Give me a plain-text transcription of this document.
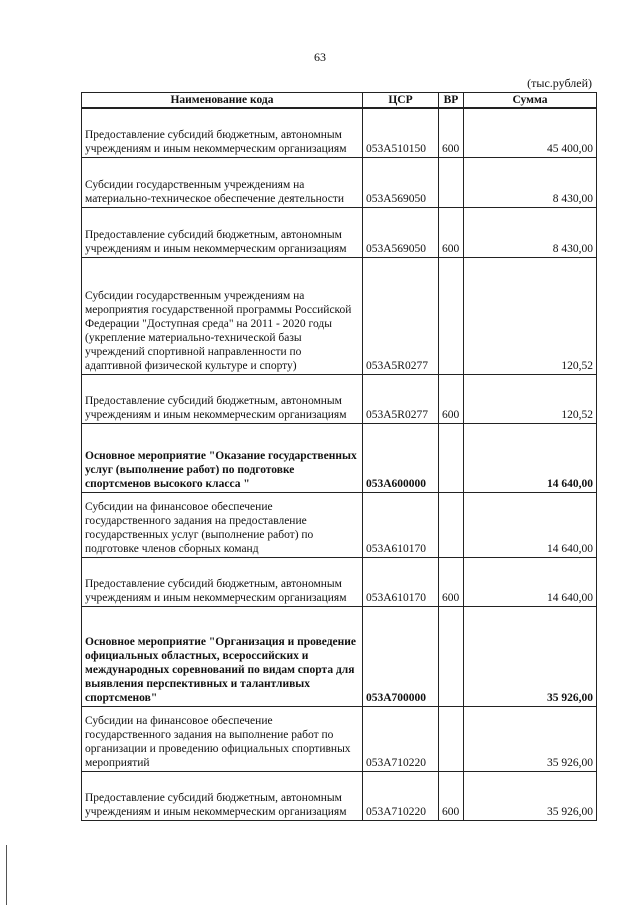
63
(тыс.рублей)
Наименование кода	ЦСР	ВР	Сумма
Предоставление субсидий бюджетным, автономным учреждениям и иным некоммерческим организациям	053А510150	600	45 400,00
Субсидии государственным учреждениям на материально-техническое обеспечение деятельности	053А569050		8 430,00
Предоставление субсидий бюджетным, автономным учреждениям и иным некоммерческим организациям	053А569050	600	8 430,00
Субсидии государственным учреждениям на мероприятия государственной программы Российской Федерации "Доступная среда" на 2011 - 2020 годы (укрепление материально-технической базы учреждений спортивной направленности по адаптивной физической культуре и спорту)	053А5R0277		120,52
Предоставление субсидий бюджетным, автономным учреждениям и иным некоммерческим организациям	053А5R0277	600	120,52
Основное мероприятие "Оказание государственных услуг (выполнение работ) по подготовке спортсменов высокого класса "	053А600000		14 640,00
Субсидии на финансовое обеспечение государственного задания на предоставление государственных услуг (выполнение работ) по подготовке членов сборных команд	053А610170		14 640,00
Предоставление субсидий бюджетным, автономным учреждениям и иным некоммерческим организациям	053А610170	600	14 640,00
Основное мероприятие "Организация и проведение официальных областных, всероссийских и международных соревнований по видам спорта для выявления перспективных и талантливых спортсменов"	053А700000		35 926,00
Субсидии на финансовое обеспечение государственного задания на выполнение работ по организации и проведению официальных спортивных мероприятий	053А710220		35 926,00
Предоставление субсидий бюджетным, автономным учреждениям и иным некоммерческим организациям	053А710220	600	35 926,00
